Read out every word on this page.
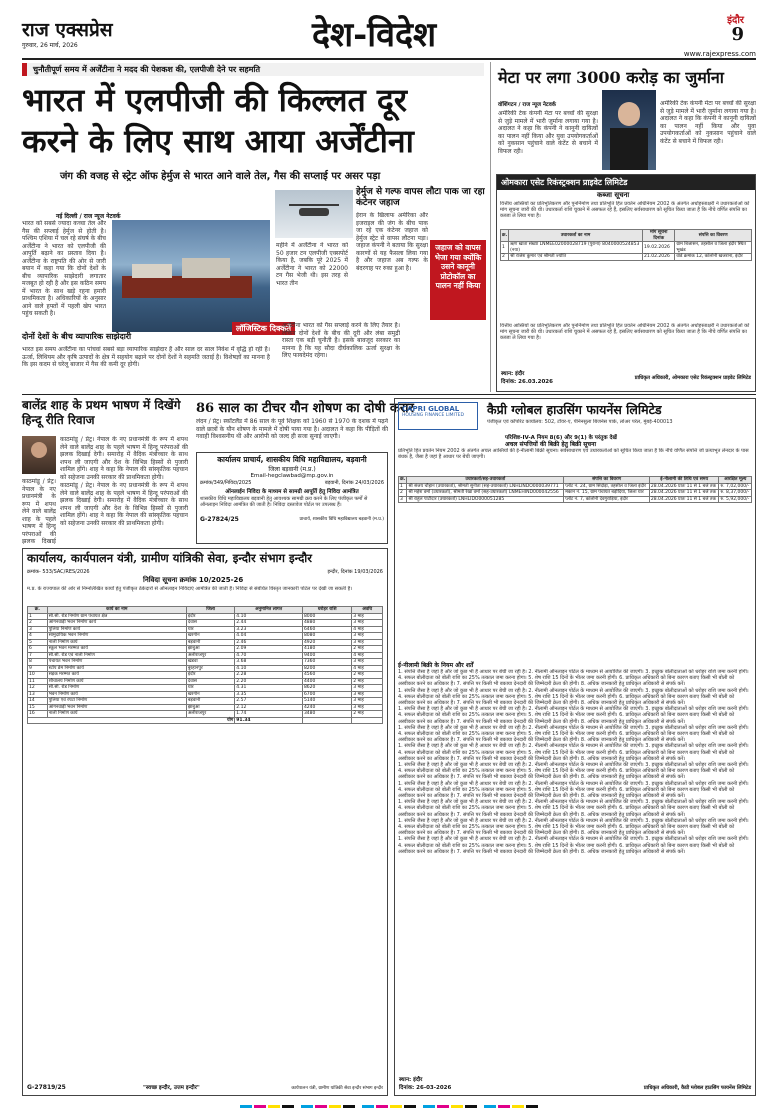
राज एक्सप्रेस
गुरुवार, 26 मार्च, 2026	देश-विदेश	इंदौर
9
www.rajexpress.com
चुनौतीपूर्ण समय में अर्जेंटीना ने मदद की पेशकश की, एलपीजी देने पर सहमति
भारत में एलपीजी की किल्लत दूर
करने के लिए साथ आया अर्जेंटीना
जंग की वजह से स्ट्रेट ऑफ हेर्मुज से भारत आने वाले तेल, गैस की सप्लाई पर असर पड़ा
नई दिल्ली / राज न्यूज नेटवर्क

भारत को सबसे ज्यादा कच्चा तेल और गैस की सप्लाई हेर्मुज से होती है। पश्चिम एशिया में चल रहे संघर्ष के बीच अर्जेंटीना ने भारत को एलपीजी की आपूर्ति बढ़ाने का प्रस्ताव दिया है। अर्जेंटीना के राष्ट्रपति की ओर से जारी बयान में कहा गया कि दोनों देशों के बीच व्यापारिक साझेदारी लगातार मजबूत हो रही है और इस कठिन समय में भारत के साथ खड़े रहना हमारी प्राथमिकता है। अधिकारियों के अनुसार आने वाले हफ्तों में पहली खेप भारत पहुंच सकती है।

दोनों देशों के बीच व्यापारिक साझेदारी

भारत इस समय अर्जेंटीना का पांचवां सबसे बड़ा व्यापारिक साझेदार है और साल दर साल निवेश में वृद्धि हो रही है। ऊर्जा, लिथियम और कृषि उत्पादों के क्षेत्र में सहयोग बढ़ाने पर दोनों देशों ने सहमति जताई है। विशेषज्ञों का मानना है कि इस कदम से घरेलू बाजार में गैस की कमी दूर होगी।

महीने में अर्जेंटीना ने भारत को 50 हजार टन एलपीजी एक्सपोर्ट किया है, जबकि पूरे 2025 में अर्जेंटीना ने भारत को 22000 टन गैस भेजी थी। इस तरह से भारत तीन

लॉजिस्टिक दिक्कतें

अर्जेंटीना भारत को गैस सप्लाई करने के लिए तैयार है। लेकिन दोनों देशों के बीच की दूरी और लंबा समुद्री रास्ता एक बड़ी चुनौती है। इसके बावजूद सरकार का मानना है कि यह सौदा दीर्घकालिक ऊर्जा सुरक्षा के लिए फायदेमंद रहेगा।

हेर्मुज से गल्फ वापस लौटा पाक जा रहा कंटेनर जहाज

ईरान के खिलाफ अमेरिका और इजराइल की जंग के बीच पाक जा रहे एक कंटेनर जहाज को हेर्मुज स्ट्रेट से वापस लौटना पड़ा। जहाज कंपनी ने बताया कि सुरक्षा कारणों से यह फैसला लिया गया है और जहाज अब गल्फ के बंदरगाह पर रुका हुआ है।

जहाज को वापस भेजा गया क्योंकि उसने कानूनी प्रोटोकॉल का पालन नहीं किया
मेटा पर लगा 3000 करोड़ का जुर्माना
वॉशिंगटन / राज न्यूज नेटवर्क

अमेरिकी टेक कंपनी मेटा पर बच्चों की सुरक्षा से जुड़े मामले में भारी जुर्माना लगाया गया है। अदालत ने कहा कि कंपनी ने कानूनी दायित्वों का पालन नहीं किया और युवा उपयोगकर्ताओं को नुकसान पहुंचाने वाले कंटेंट से बचाने में विफल रही।

अमेरिकी टेक कंपनी मेटा पर बच्चों की सुरक्षा से जुड़े मामले में भारी जुर्माना लगाया गया है। अदालत ने कहा कि कंपनी ने कानूनी दायित्वों का पालन नहीं किया और युवा उपयोगकर्ताओं को नुकसान पहुंचाने वाले कंटेंट से बचाने में विफल रही।

ओमकारा एसेट रिकंस्ट्रक्शन प्राइवेट लिमिटेड
कब्जा सूचना

वित्तीय आस्तियों का प्रतिभूतिकरण और पुनर्निर्माण तथा प्रतिभूति हित प्रवर्तन अधिनियम 2002 के अंतर्गत अधोहस्ताक्षरी ने उधारकर्ताओं को मांग सूचना जारी की थी। उधारकर्ता राशि चुकाने में असफल रहे हैं, इसलिए सर्वसाधारण को सूचित किया जाता है कि नीचे वर्णित संपत्ति का कब्जा ले लिया गया है।

क्र.	उधारकर्ता का नाम	मांग सूचना दिनांक	संपत्ति का विवरण
1	ऋण खाता संख्या LNMEE02000028719 (पुराना) 8040000524853 (नया)	19.02.2026	ग्राम बिजासन, तहसील व जिला इंदौर स्थित भूखंड
2	श्री राजेश कुमार एवं श्रीमती ज्योति	21.02.2026	वार्ड क्रमांक 12, कॉलोनी खजराना, इंदौर

वित्तीय आस्तियों का प्रतिभूतिकरण और पुनर्निर्माण तथा प्रतिभूति हित प्रवर्तन अधिनियम 2002 के अंतर्गत अधोहस्ताक्षरी ने उधारकर्ताओं को मांग सूचना जारी की थी। उधारकर्ता राशि चुकाने में असफल रहे हैं, इसलिए सर्वसाधारण को सूचित किया जाता है कि नीचे वर्णित संपत्ति का कब्जा ले लिया गया है।

स्थान: इंदौर
दिनांक: 26.03.2026
प्राधिकृत अधिकारी, ओमकारा एसेट रिकंस्ट्रक्शन प्राइवेट लिमिटेड
बालेंद्र शाह के प्रथम भाषण में दिखेंगे हिन्दू रीति रिवाज

काठमांडू / प्रेट्र। नेपाल के नए प्रधानमंत्री के रूप में शपथ लेने वाले बालेंद्र शाह के पहले भाषण में हिन्दू परंपराओं की झलक दिखाई देगी। समारोह में वैदिक मंत्रोच्चार के साथ शपथ ली जाएगी और देश के विभिन्न हिस्सों से पुजारी शामिल होंगे। शाह ने कहा कि नेपाल की सांस्कृतिक पहचान को सहेजना उनकी सरकार की प्राथमिकता होगी।

काठमांडू / प्रेट्र। नेपाल के नए प्रधानमंत्री के रूप में शपथ लेने वाले बालेंद्र शाह के पहले भाषण में हिन्दू परंपराओं की झलक दिखाई देगी। समारोह में वैदिक मंत्रोच्चार के साथ शपथ ली जाएगी और देश के विभिन्न हिस्सों से पुजारी शामिल होंगे। शाह ने कहा कि नेपाल की सांस्कृतिक पहचान को सहेजना उनकी सरकार की प्राथमिकता होगी।

काठमांडू / प्रेट्र। नेपाल के नए प्रधानमंत्री के रूप में शपथ लेने वाले बालेंद्र शाह के पहले भाषण में हिन्दू परंपराओं की झलक दिखाई

86 साल का टीचर यौन शोषण का दोषी करार

लंदन / प्रेट्र। स्कॉटलैंड में 86 साल के पूर्व शिक्षक को 1960 से 1970 के दशक में पढ़ने वाले छात्रों के यौन शोषण के मामले में दोषी पाया गया है। अदालत ने कहा कि पीड़ितों की गवाही विश्वसनीय थी और आरोपी को जल्द ही सजा सुनाई जाएगी।

कार्यालय प्राचार्य, शासकीय विधि महाविद्यालय, बड़वानी
जिला बड़वानी (म.प्र.)
Email-hegclawbad@mp.gov.in
क्रमांक/349/निविदा/2025	बड़वानी, दिनांक 24/03/2026
ऑनलाईन निविदा के माध्यम से सामग्री आपूर्ति हेतु निविदा आमंत्रित

शासकीय विधि महाविद्यालय बड़वानी हेतु आवश्यक सामग्री क्रय करने के लिए पंजीकृत फर्मों से ऑनलाइन निविदा आमंत्रित की जाती है। निविदा दस्तावेज पोर्टल पर उपलब्ध हैं।

G-27824/25	प्राचार्य, शासकीय विधि महाविद्यालय बड़वानी (म.प्र.)
कार्यालय, कार्यपालन यंत्री, ग्रामीण यांत्रिकी सेवा, इन्दौर संभाग इन्दौर
क्रमांक- 533/SAC/RES/2026	इन्दौर, दिनांक 19/03/2026
निविदा सूचना क्रमांक 10/2025-26

म.प्र. के राज्यपाल की ओर से निम्नलिखित कार्यों हेतु पंजीकृत ठेकेदारों से ऑनलाइन निविदाएं आमंत्रित की जाती हैं। निविदा से संबंधित विस्तृत जानकारी पोर्टल पर देखी जा सकती है।

क्र.	कार्य का नाम	जिला	अनुमानित लागत	धरोहर राशि	अवधि
1	सी.सी. रोड निर्माण ग्राम पंचायत क्षेत्र	इंदौर	4.10	8000	3 माह
2	आंगनवाड़ी भवन निर्माण कार्य	देवास	2.44	4880	3 माह
3	पुलिया निर्माण कार्य	धार	3.23	6460	4 माह
4	सामुदायिक भवन निर्माण	खरगोन	4.04	8080	3 माह
5	नाली निर्माण कार्य	बड़वानी	2.46	4920	3 माह
6	स्कूल भवन मरम्मत कार्य	झाबुआ	2.09	4180	2 माह
7	सी.सी. रोड एवं नाली निर्माण	अलीराजपुर	4.70	9400	4 माह
8	पंचायत भवन निर्माण	खंडवा	3.68	7360	3 माह
9	स्टॉप डेम निर्माण कार्य	बुरहानपुर	4.10	8200	4 माह
10	सड़क मरम्मत कार्य	इंदौर	2.28	4560	2 माह
11	शौचालय निर्माण कार्य	देवास	2.20	4400	2 माह
12	सी.सी. रोड निर्माण	धार	4.31	8620	3 माह
13	भवन निर्माण कार्य	खरगोन	3.35	6700	3 माह
14	पुलिया एवं रपटा निर्माण	बड़वानी	2.57	5140	3 माह
15	आंगनवाड़ी भवन निर्माण	झाबुआ	2.12	4240	3 माह
16	नाली निर्माण कार्य	अलीराजपुर	1.74	3480	2 माह
योग			91.34		
G-27819/25	"स्वच्छ इन्दौर, उत्तम इन्दौर"	कार्यपालन यंत्री, ग्रामीण यांत्रिकी सेवा इन्दौर संभाग इन्दौर
CAPRI GLOBAL
HOUSING FINANCE LIMITED	कैप्री ग्लोबल हाउसिंग फायनेंस लिमिटेड
पंजीकृत एवं कॉर्पोरेट कार्यालय: 502, टॉवर-ए, पेनिनसुला बिजनेस पार्क, लोअर परेल, मुंबई-400013
परिशिष्ट-IV-A नियम 8(6) और 9(1) के परंतुक देखें
अचल संपत्तियों की बिक्री हेतु बिक्री सूचना

प्रतिभूति हित प्रवर्तन नियम 2002 के अंतर्गत अचल आस्तियों की ई-नीलामी बिक्री सूचना। सर्वसाधारण एवं उधारकर्ताओं को सूचित किया जाता है कि नीचे वर्णित संपत्ति जो प्रत्याभूत लेनदार के पास बंधक है, जैसा है जहां है आधार पर बेची जाएगी।

क्र.	उधारकर्ता/सह-उधारकर्ता	संपत्ति का विवरण	ई-नीलामी की तिथि एवं समय	आरक्षित मूल्य
1	श्री संजय चौहान (उधारकर्ता), श्रीमती सुनीता (सह-उधारकर्ता) LNHLINDO000039771	प्लॉट नं. 24, ग्राम सिंदोड़ा, तहसील व जिला इंदौर	28.04.2026 प्रातः 11 से 1 बजे तक	रु. 7,02,000/-
2	श्री महेश वर्मा (उधारकर्ता), श्रीमती रेखा वर्मा (सह-उधारकर्ता) LNMEHIND000042556	मकान नं. 15, ग्राम पंचायत बड़ोदिया, जिला धार	28.04.2026 प्रातः 11 से 1 बजे तक	रु. 8,37,000/-
3	श्री राहुल पाटीदार (उधारकर्ता) LNHLIDO000051285	प्लॉट नं. 7, कॉलोनी देवगुराड़िया, इंदौर	28.04.2026 प्रातः 11 से 1 बजे तक	रु. 5,92,000/-
ई-नीलामी बिक्री के नियम और शर्तें

1. संपत्ति जैसा है जहां है और जो कुछ भी है आधार पर बेची जा रही है। 2. नीलामी ऑनलाइन पोर्टल के माध्यम से आयोजित की जाएगी। 3. इच्छुक बोलीदाताओं को धरोहर राशि जमा करनी होगी। 4. सफल बोलीदाता को बोली राशि का 25% तत्काल जमा करना होगा। 5. शेष राशि 15 दिनों के भीतर जमा करनी होगी। 6. प्राधिकृत अधिकारी को बिना कारण बताए किसी भी बोली को अस्वीकार करने का अधिकार है। 7. संपत्ति पर किसी भी बकाया देनदारी की जिम्मेदारी क्रेता की होगी। 8. अधिक जानकारी हेतु प्राधिकृत अधिकारी से संपर्क करें।

1. संपत्ति जैसा है जहां है और जो कुछ भी है आधार पर बेची जा रही है। 2. नीलामी ऑनलाइन पोर्टल के माध्यम से आयोजित की जाएगी। 3. इच्छुक बोलीदाताओं को धरोहर राशि जमा करनी होगी। 4. सफल बोलीदाता को बोली राशि का 25% तत्काल जमा करना होगा। 5. शेष राशि 15 दिनों के भीतर जमा करनी होगी। 6. प्राधिकृत अधिकारी को बिना कारण बताए किसी भी बोली को अस्वीकार करने का अधिकार है। 7. संपत्ति पर किसी भी बकाया देनदारी की जिम्मेदारी क्रेता की होगी। 8. अधिक जानकारी हेतु प्राधिकृत अधिकारी से संपर्क करें।

1. संपत्ति जैसा है जहां है और जो कुछ भी है आधार पर बेची जा रही है। 2. नीलामी ऑनलाइन पोर्टल के माध्यम से आयोजित की जाएगी। 3. इच्छुक बोलीदाताओं को धरोहर राशि जमा करनी होगी। 4. सफल बोलीदाता को बोली राशि का 25% तत्काल जमा करना होगा। 5. शेष राशि 15 दिनों के भीतर जमा करनी होगी। 6. प्राधिकृत अधिकारी को बिना कारण बताए किसी भी बोली को अस्वीकार करने का अधिकार है। 7. संपत्ति पर किसी भी बकाया देनदारी की जिम्मेदारी क्रेता की होगी। 8. अधिक जानकारी हेतु प्राधिकृत अधिकारी से संपर्क करें।

1. संपत्ति जैसा है जहां है और जो कुछ भी है आधार पर बेची जा रही है। 2. नीलामी ऑनलाइन पोर्टल के माध्यम से आयोजित की जाएगी। 3. इच्छुक बोलीदाताओं को धरोहर राशि जमा करनी होगी। 4. सफल बोलीदाता को बोली राशि का 25% तत्काल जमा करना होगा। 5. शेष राशि 15 दिनों के भीतर जमा करनी होगी। 6. प्राधिकृत अधिकारी को बिना कारण बताए किसी भी बोली को अस्वीकार करने का अधिकार है। 7. संपत्ति पर किसी भी बकाया देनदारी की जिम्मेदारी क्रेता की होगी। 8. अधिक जानकारी हेतु प्राधिकृत अधिकारी से संपर्क करें।

1. संपत्ति जैसा है जहां है और जो कुछ भी है आधार पर बेची जा रही है। 2. नीलामी ऑनलाइन पोर्टल के माध्यम से आयोजित की जाएगी। 3. इच्छुक बोलीदाताओं को धरोहर राशि जमा करनी होगी। 4. सफल बोलीदाता को बोली राशि का 25% तत्काल जमा करना होगा। 5. शेष राशि 15 दिनों के भीतर जमा करनी होगी। 6. प्राधिकृत अधिकारी को बिना कारण बताए किसी भी बोली को अस्वीकार करने का अधिकार है। 7. संपत्ति पर किसी भी बकाया देनदारी की जिम्मेदारी क्रेता की होगी। 8. अधिक जानकारी हेतु प्राधिकृत अधिकारी से संपर्क करें।

1. संपत्ति जैसा है जहां है और जो कुछ भी है आधार पर बेची जा रही है। 2. नीलामी ऑनलाइन पोर्टल के माध्यम से आयोजित की जाएगी। 3. इच्छुक बोलीदाताओं को धरोहर राशि जमा करनी होगी। 4. सफल बोलीदाता को बोली राशि का 25% तत्काल जमा करना होगा। 5. शेष राशि 15 दिनों के भीतर जमा करनी होगी। 6. प्राधिकृत अधिकारी को बिना कारण बताए किसी भी बोली को अस्वीकार करने का अधिकार है। 7. संपत्ति पर किसी भी बकाया देनदारी की जिम्मेदारी क्रेता की होगी। 8. अधिक जानकारी हेतु प्राधिकृत अधिकारी से संपर्क करें।

1. संपत्ति जैसा है जहां है और जो कुछ भी है आधार पर बेची जा रही है। 2. नीलामी ऑनलाइन पोर्टल के माध्यम से आयोजित की जाएगी। 3. इच्छुक बोलीदाताओं को धरोहर राशि जमा करनी होगी। 4. सफल बोलीदाता को बोली राशि का 25% तत्काल जमा करना होगा। 5. शेष राशि 15 दिनों के भीतर जमा करनी होगी। 6. प्राधिकृत अधिकारी को बिना कारण बताए किसी भी बोली को अस्वीकार करने का अधिकार है। 7. संपत्ति पर किसी भी बकाया देनदारी की जिम्मेदारी क्रेता की होगी। 8. अधिक जानकारी हेतु प्राधिकृत अधिकारी से संपर्क करें।

1. संपत्ति जैसा है जहां है और जो कुछ भी है आधार पर बेची जा रही है। 2. नीलामी ऑनलाइन पोर्टल के माध्यम से आयोजित की जाएगी। 3. इच्छुक बोलीदाताओं को धरोहर राशि जमा करनी होगी। 4. सफल बोलीदाता को बोली राशि का 25% तत्काल जमा करना होगा। 5. शेष राशि 15 दिनों के भीतर जमा करनी होगी। 6. प्राधिकृत अधिकारी को बिना कारण बताए किसी भी बोली को अस्वीकार करने का अधिकार है। 7. संपत्ति पर किसी भी बकाया देनदारी की जिम्मेदारी क्रेता की होगी। 8. अधिक जानकारी हेतु प्राधिकृत अधिकारी से संपर्क करें।

1. संपत्ति जैसा है जहां है और जो कुछ भी है आधार पर बेची जा रही है। 2. नीलामी ऑनलाइन पोर्टल के माध्यम से आयोजित की जाएगी। 3. इच्छुक बोलीदाताओं को धरोहर राशि जमा करनी होगी। 4. सफल बोलीदाता को बोली राशि का 25% तत्काल जमा करना होगा। 5. शेष राशि 15 दिनों के भीतर जमा करनी होगी। 6. प्राधिकृत अधिकारी को बिना कारण बताए किसी भी बोली को अस्वीकार करने का अधिकार है। 7. संपत्ति पर किसी भी बकाया देनदारी की जिम्मेदारी क्रेता की होगी। 8. अधिक जानकारी हेतु प्राधिकृत अधिकारी से संपर्क करें।

1. संपत्ति जैसा है जहां है और जो कुछ भी है आधार पर बेची जा रही है। 2. नीलामी ऑनलाइन पोर्टल के माध्यम से आयोजित की जाएगी। 3. इच्छुक बोलीदाताओं को धरोहर राशि जमा करनी होगी। 4. सफल बोलीदाता को बोली राशि का 25% तत्काल जमा करना होगा। 5. शेष राशि 15 दिनों के भीतर जमा करनी होगी। 6. प्राधिकृत अधिकारी को बिना कारण बताए किसी भी बोली को अस्वीकार करने का अधिकार है। 7. संपत्ति पर किसी भी बकाया देनदारी की जिम्मेदारी क्रेता की होगी। 8. अधिक जानकारी हेतु प्राधिकृत अधिकारी से संपर्क करें।

स्थान: इंदौर
दिनांक: 26-03-2026	प्राधिकृत अधिकारी, कैप्री ग्लोबल हाउसिंग फायनेंस लिमिटेड
